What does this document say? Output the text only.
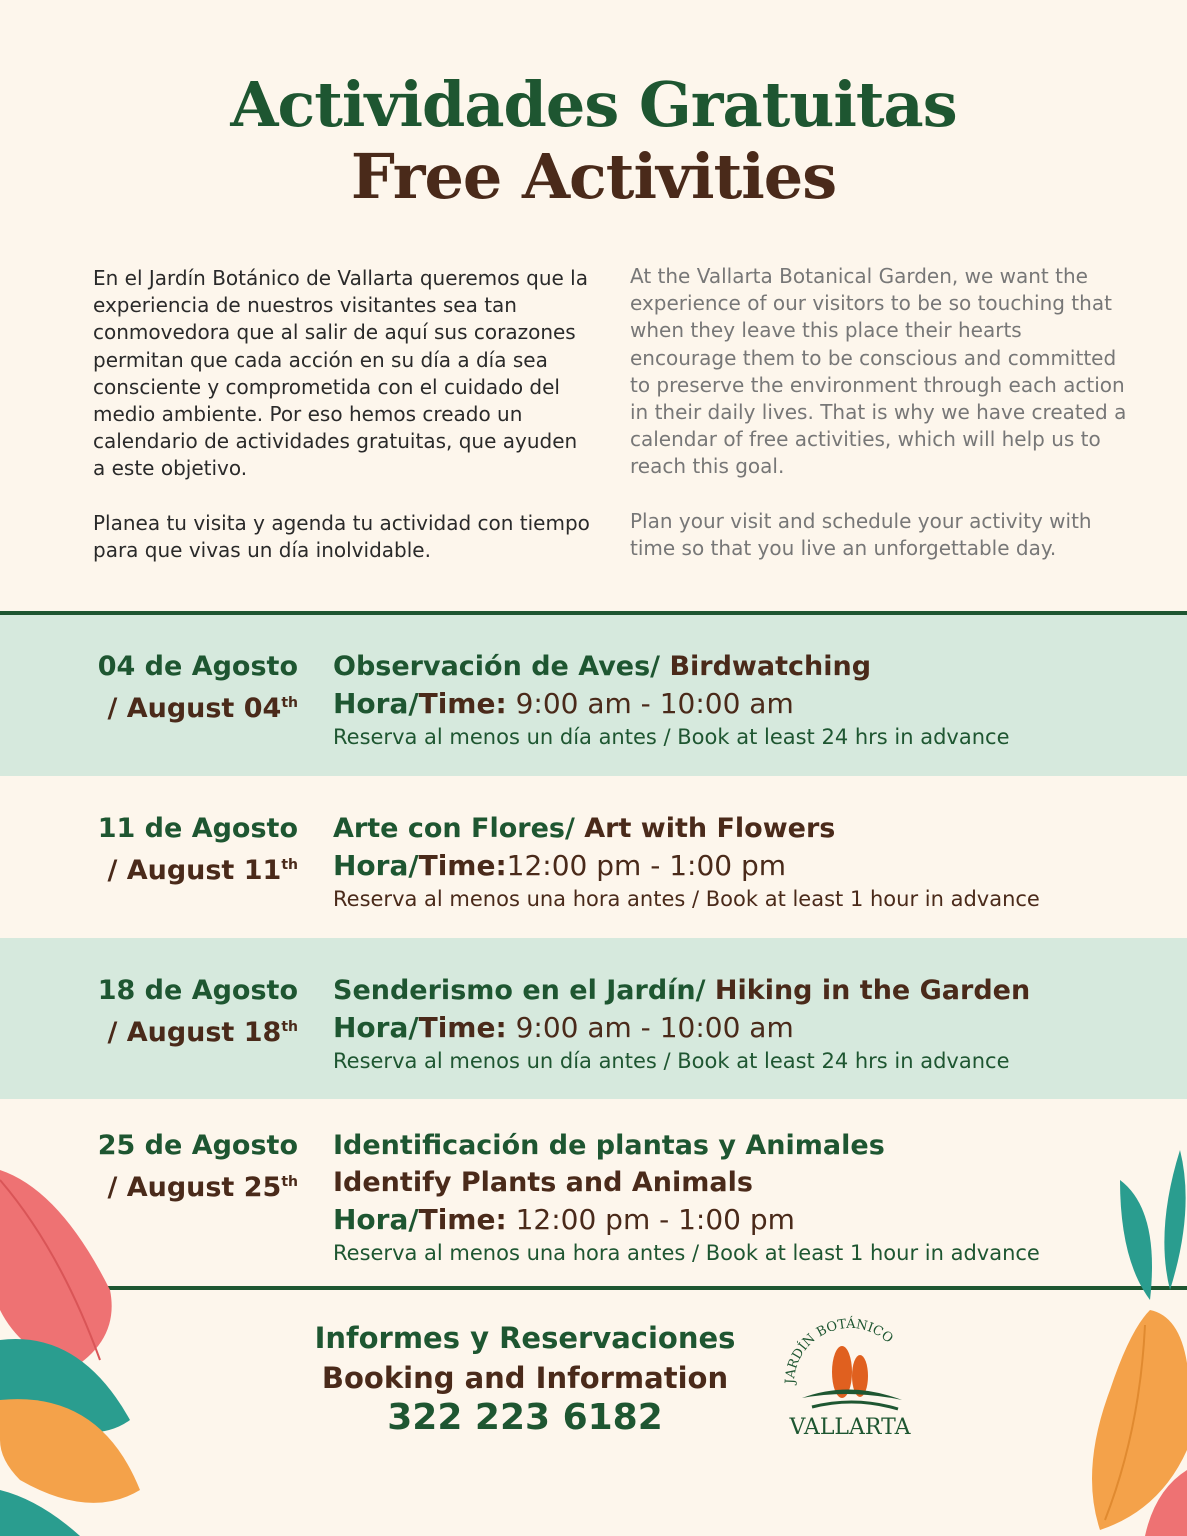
Actividades Gratuitas
Free Activities

En el Jardín Botánico de Vallarta queremos que la experiencia de nuestros visitantes sea tan conmovedora que al salir de aquí sus corazones permitan que cada acción en su día a día sea consciente y comprometida con el cuidado del medio ambiente. Por eso hemos creado un calendario de actividades gratuitas, que ayuden a este objetivo.

Planea tu visita y agenda tu actividad con tiempo para que vivas un día inolvidable.

At the Vallarta Botanical Garden, we want the experience of our visitors to be so touching that when they leave this place their hearts encourage them to be conscious and committed to preserve the environment through each action in their daily lives. That is why we have created a calendar of free activities, which will help us to reach this goal.

Plan your visit and schedule your activity with time so that you live an unforgettable day.

04 de Agosto
/ August 04th
Observación de Aves/ Birdwatching
Hora/Time: 9:00 am - 10:00 am
Reserva al menos un día antes / Book at least 24 hrs in advance
11 de Agosto
/ August 11th
Arte con Flores/ Art with Flowers
Hora/Time:12:00 pm - 1:00 pm
Reserva al menos una hora antes / Book at least 1 hour in advance
18 de Agosto
/ August 18th
Senderismo en el Jardín/ Hiking in the Garden
Hora/Time: 9:00 am - 10:00 am
Reserva al menos un día antes / Book at least 24 hrs in advance
25 de Agosto
/ August 25th
Identificación de plantas y Animales
Identify Plants and Animals
Hora/Time: 12:00 pm - 1:00 pm
Reserva al menos una hora antes / Book at least 1 hour in advance
Informes y Reservaciones
Booking and Information
322 223 6182	VALLARTA
JARDÍN BOTÁNICO
